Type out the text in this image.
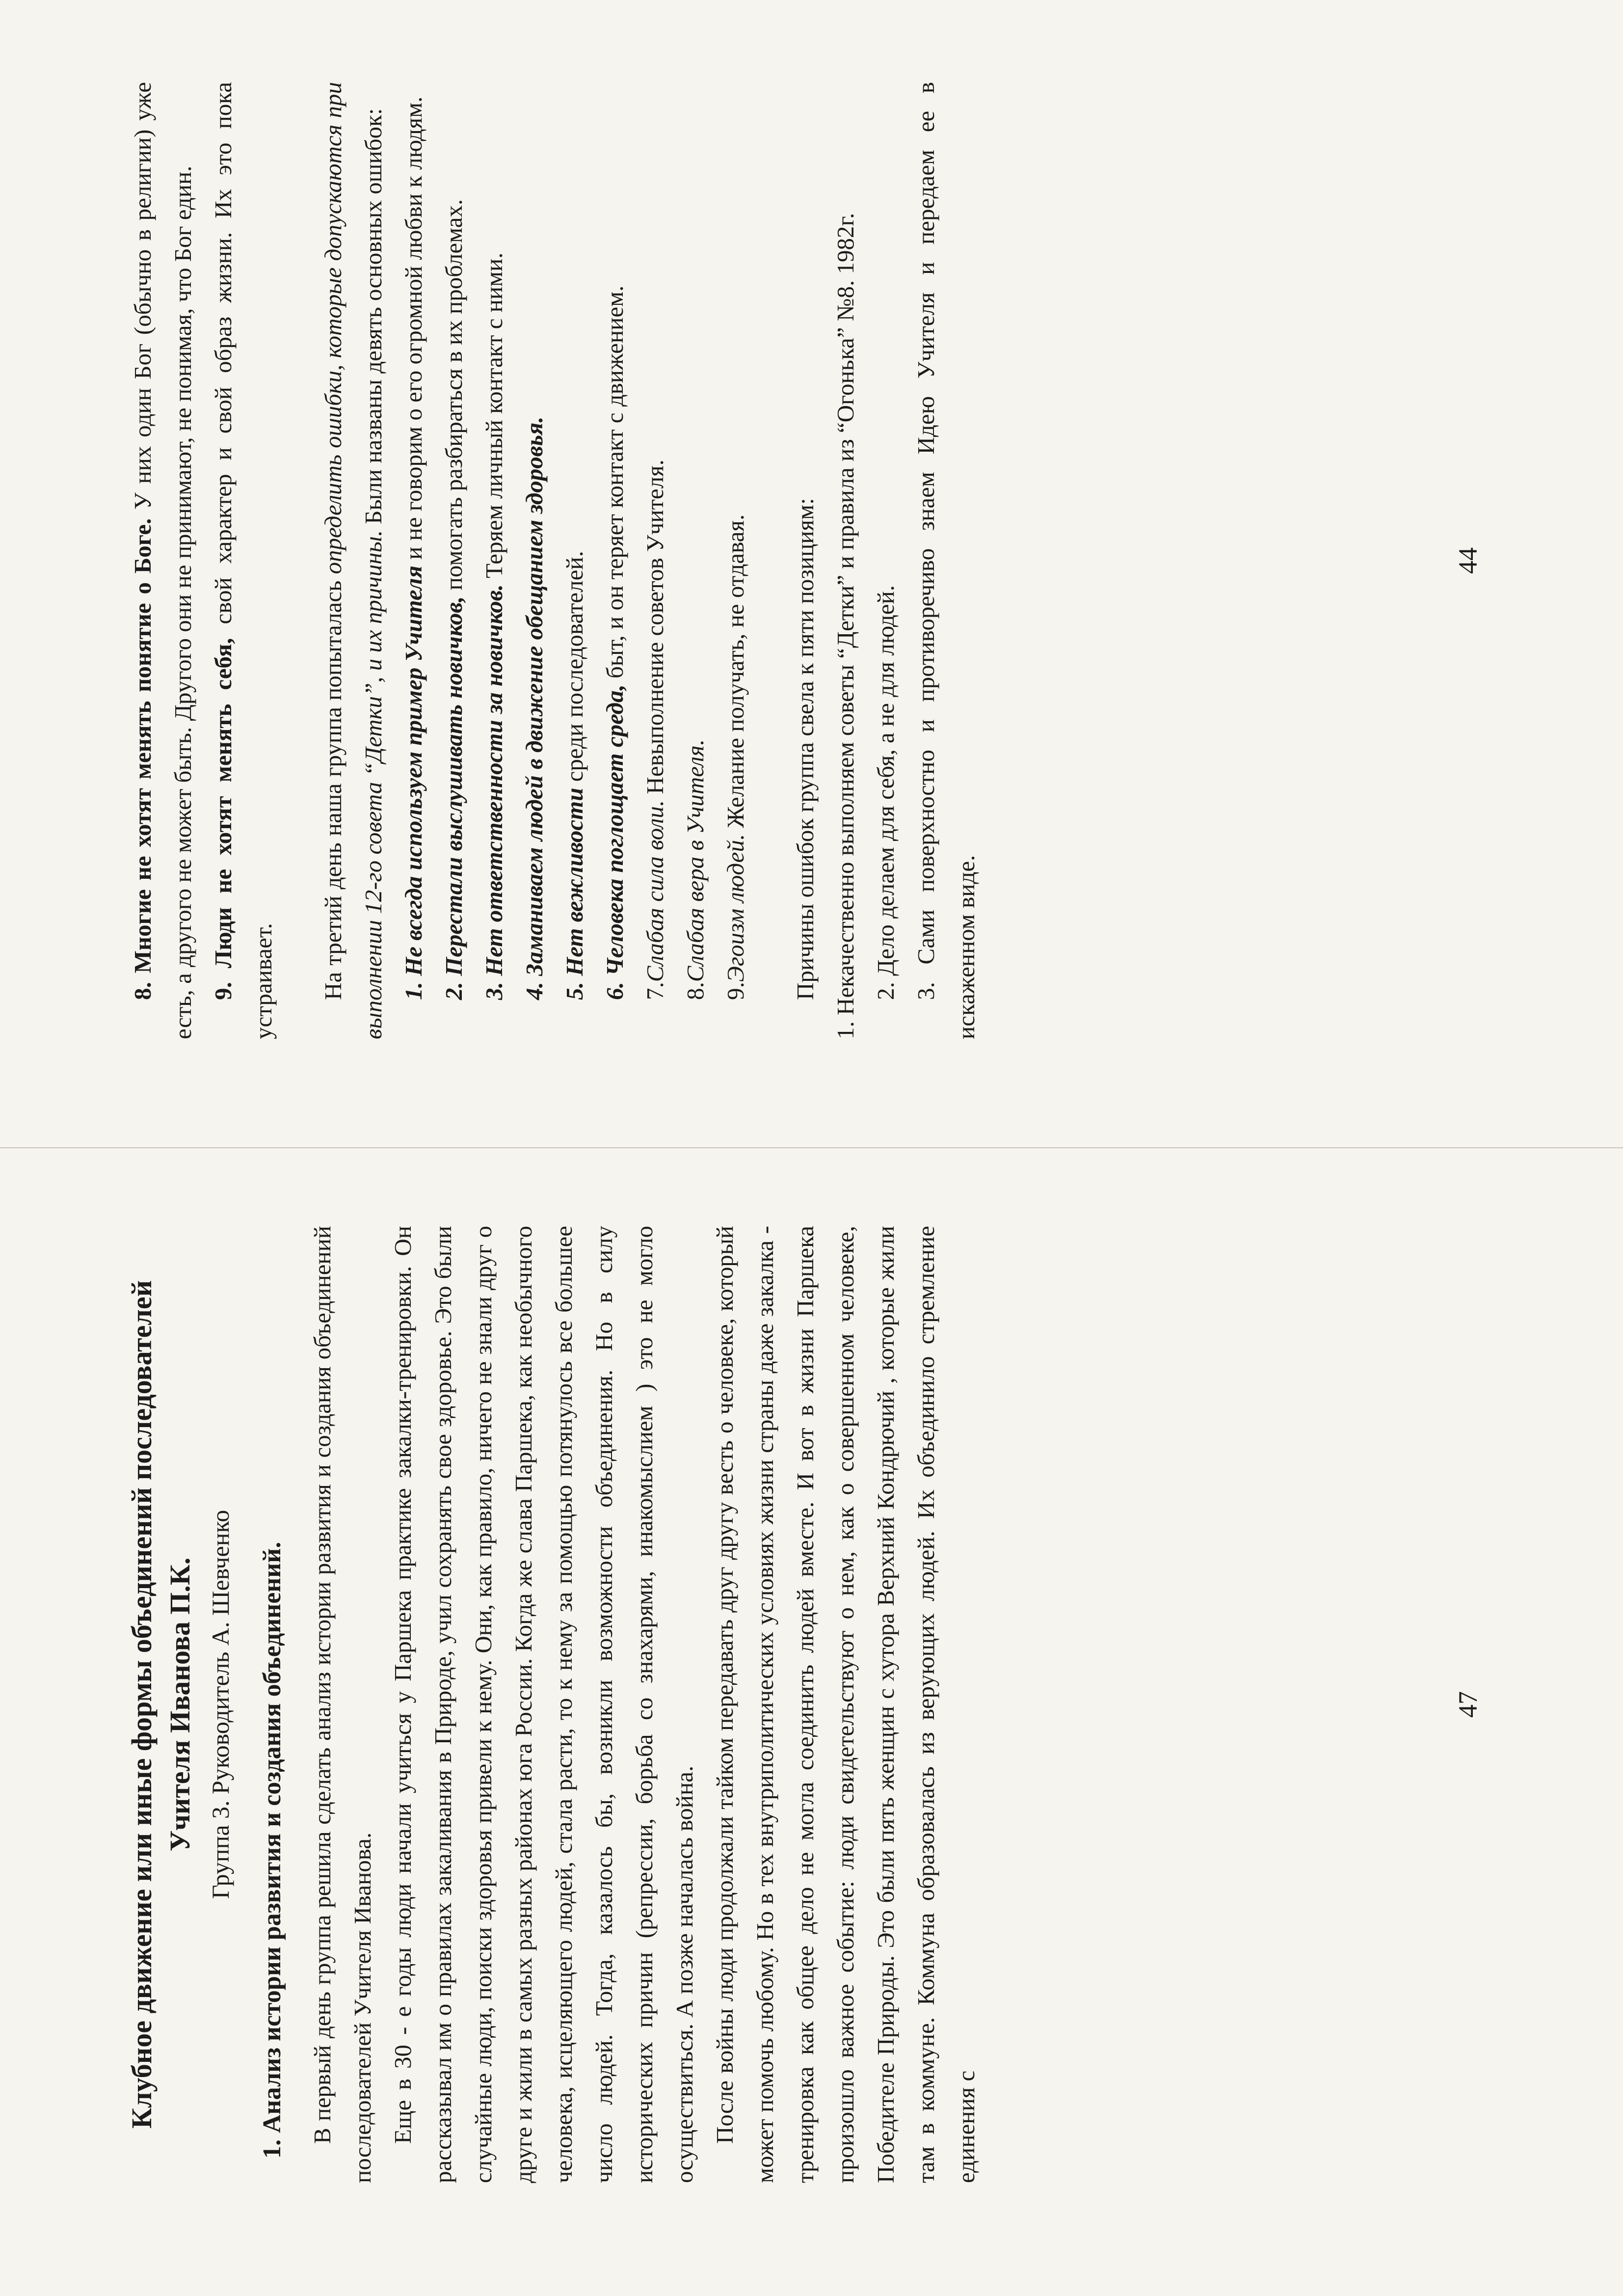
Клубное движение или иные формы объединений последователей Учителя Иванова П.К. Группа 3. Руководитель А. Шевченко 1. Анализ истории развития и создания объединений. В первый день группа решила сделать анализ истории развития и создания объединений последователей Учителя Иванова. Еще в 30 - е годы люди начали учиться у Паршека практике закалки-тренировки. Он рассказывал им о правилах закаливания в Природе, учил сохранять свое здоровье. Это были случайные люди, поиски здоровья привели к нему. Они, как правило, ничего не знали друг о друге и жили в самых разных районах юга России. Когда же слава Паршека, как необычного человека, исцеляющего людей, стала расти, то к нему за помощью потянулось все большее число людей. Тогда, казалось бы, возникли возможности объединения. Но в силу исторических причин (репрессии, борьба со знахарями, инакомыслием ) это не могло осуществиться. А позже началась война. После войны люди продолжали тайком передавать друг другу весть о человеке, который может помочь любому. Но в тех внутриполитических условиях жизни страны даже закалка - тренировка как общее дело не могла соединить людей вместе. И вот в жизни Паршека произошло важное событие: люди свидетельствуют о нем, как о совершенном человеке, Победителе Природы. Это были пять женщин с хутора Верхний Кондрючий , которые жили там в коммуне. Коммуна образовалась из верующих людей. Их объединило стремление единения с

47

8. Многие не хотят менять понятие о Боге. У них один Бог (обычно в религии) уже есть, а другого не может быть. Другого они не принимают, не понимая, что Бог един. 9. Люди не хотят менять себя, свой характер и свой образ жизни. Их это пока устраивает. На третий день наша группа попыталась определить ошибки, которые допускаются при выполнении 12-го совета “Детки”, и их причины. Были названы девять основных ошибок:

1. Не всегда используем пример Учителя и не говорим о его огромной любви к людям.

2. Перестали выслушивать новичков, помогать разбираться в их проблемах.

3. Нет ответственности за новичков. Теряем личный контакт с ними.

4. Заманиваем людей в движение обещанием здоровья.

5. Нет вежливости среди последователей.

6. Человека поглощает среда, быт, и он теряет контакт с движением.

7.Слабая сила воли. Невыполнение советов Учителя.

8.Слабая вера в Учителя.

9.Эгоизм людей. Желание получать, не отдавая. Причины ошибок группа свела к пяти позициям: 1. Некачественно выполняем советы “Детки” и правила из “Огонька” №8. 1982г. 2. Дело делаем для себя, а не для людей. 3. Сами поверхностно и противоречиво знаем Идею Учителя и передаем ее в искаженном виде.

44
